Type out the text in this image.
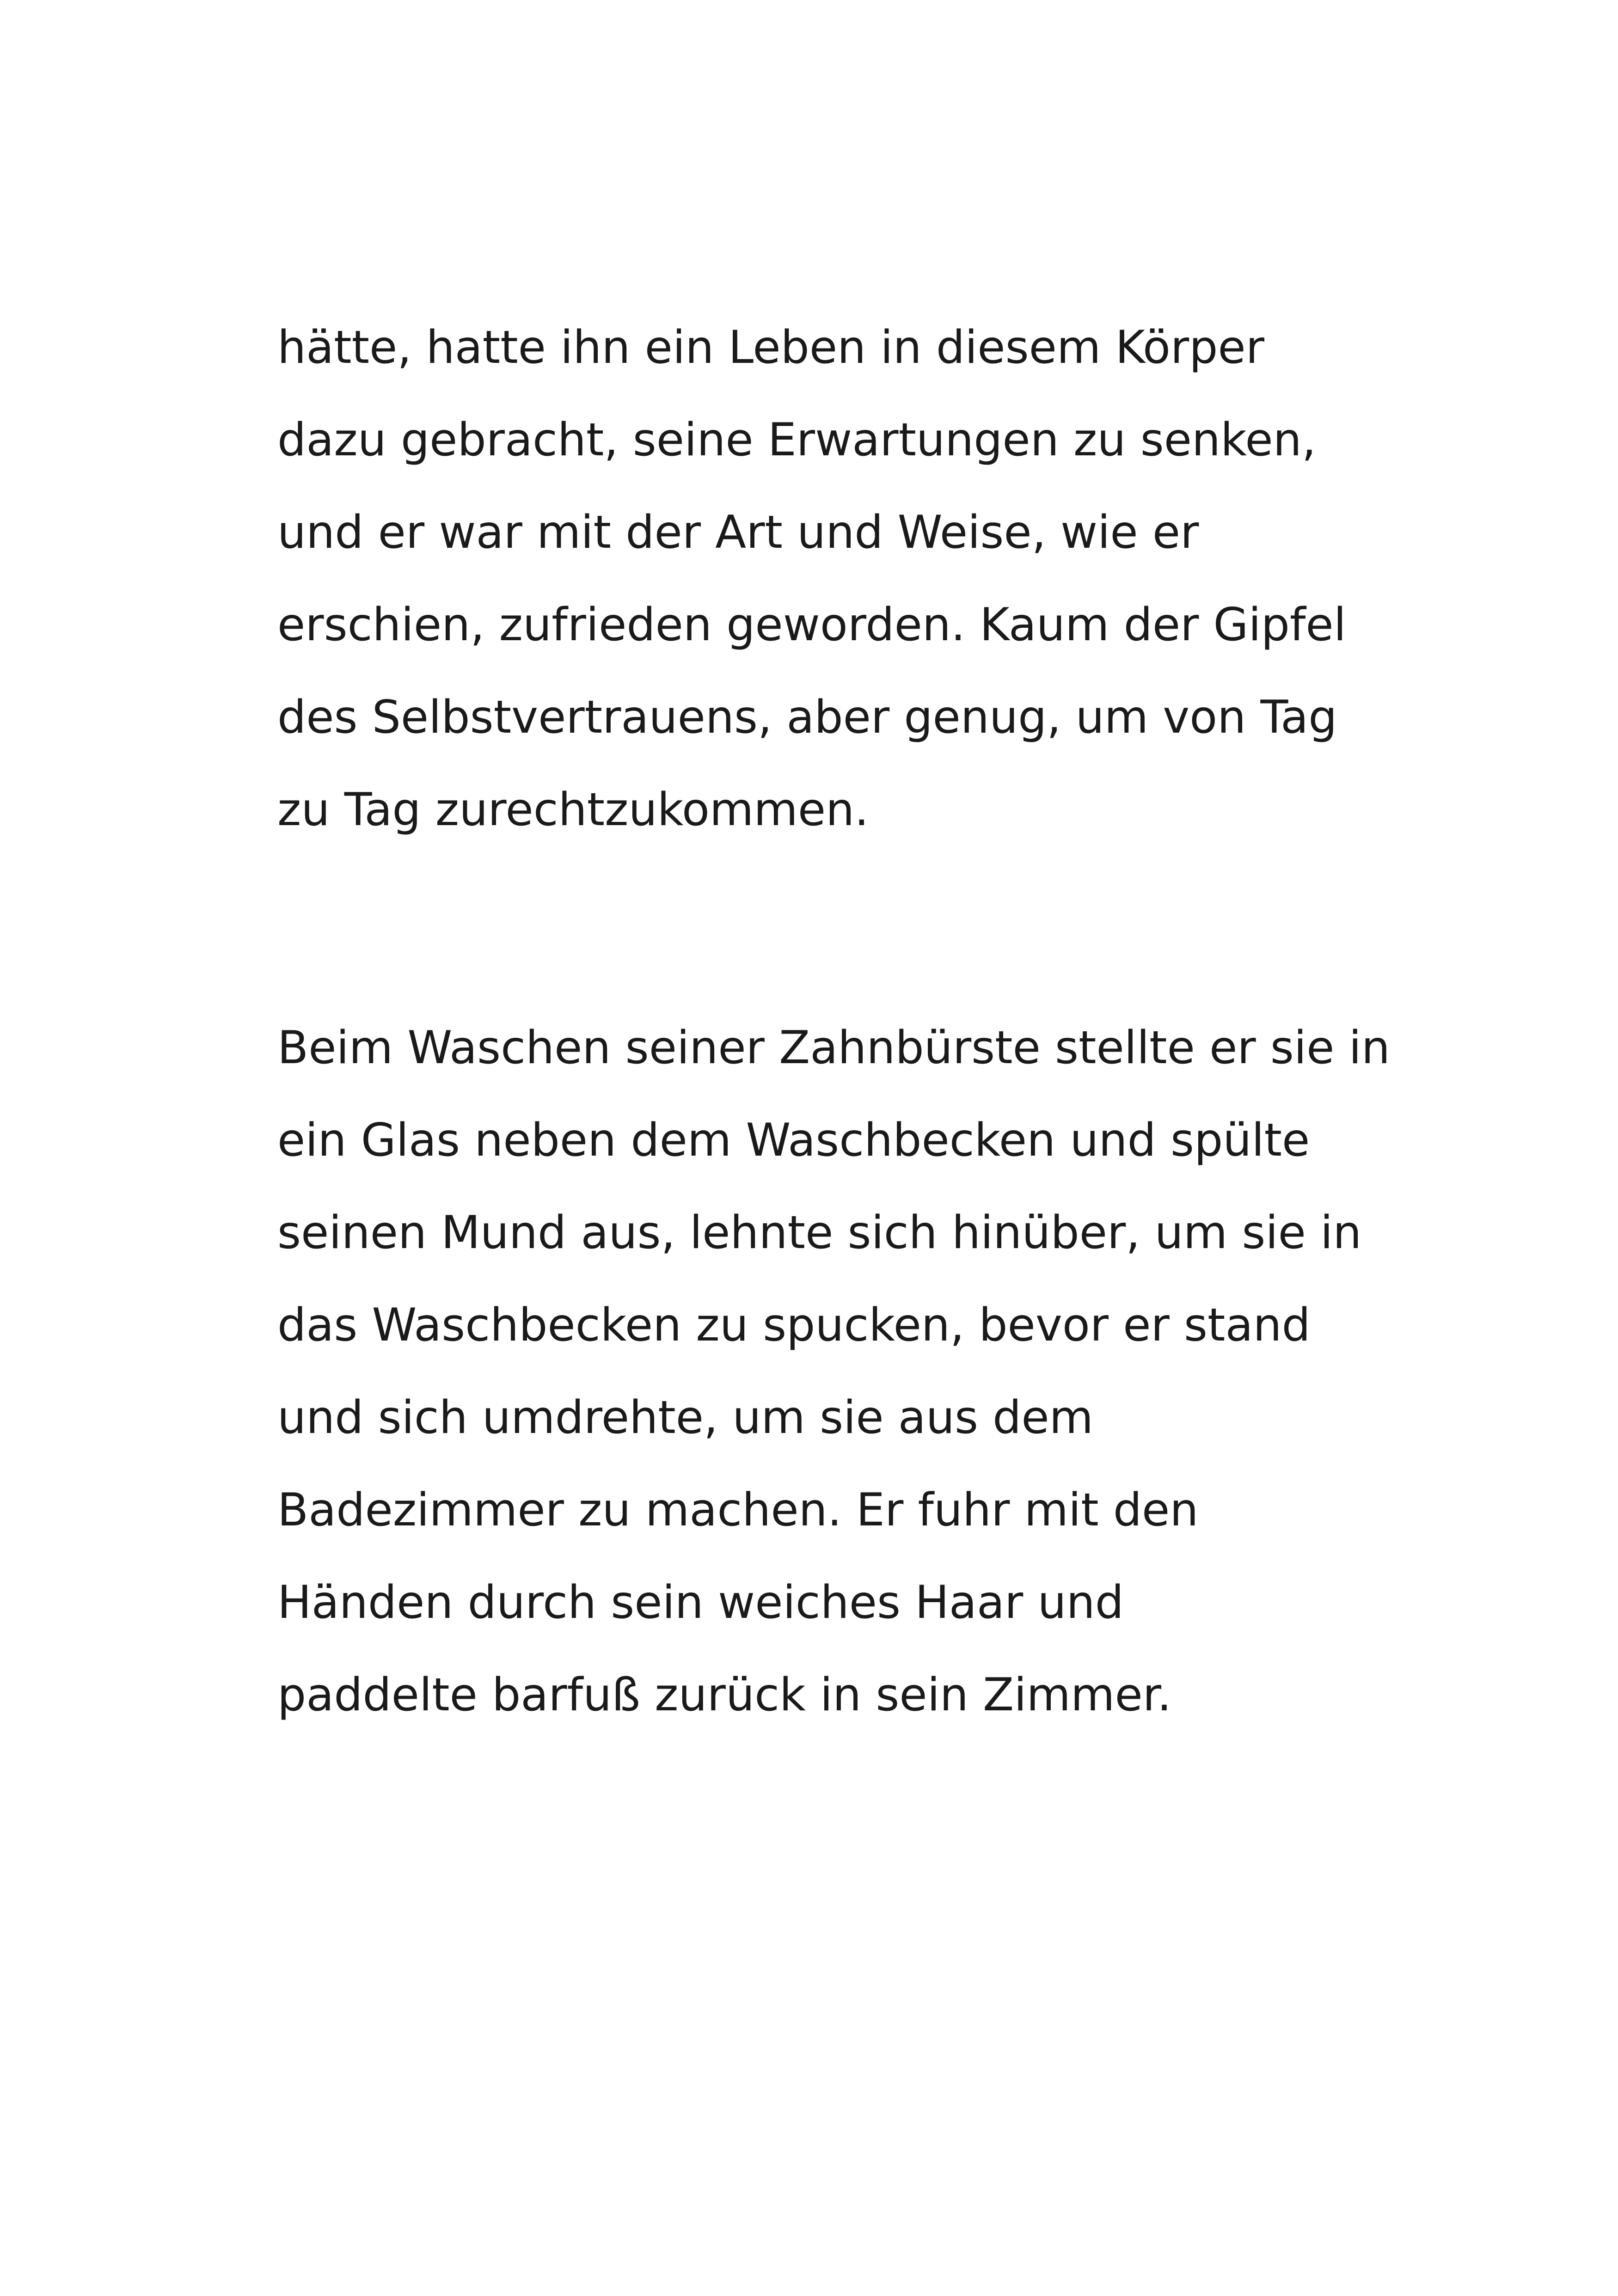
hätte, hatte ihn ein Leben in diesem Körper

dazu gebracht, seine Erwartungen zu senken,

und er war mit der Art und Weise, wie er

erschien, zufrieden geworden. Kaum der Gipfel

des Selbstvertrauens, aber genug, um von Tag

zu Tag zurechtzukommen.

Beim Waschen seiner Zahnbürste stellte er sie in

ein Glas neben dem Waschbecken und spülte

seinen Mund aus, lehnte sich hinüber, um sie in

das Waschbecken zu spucken, bevor er stand

und sich umdrehte, um sie aus dem

Badezimmer zu machen. Er fuhr mit den

Händen durch sein weiches Haar und

paddelte barfuß zurück in sein Zimmer.
